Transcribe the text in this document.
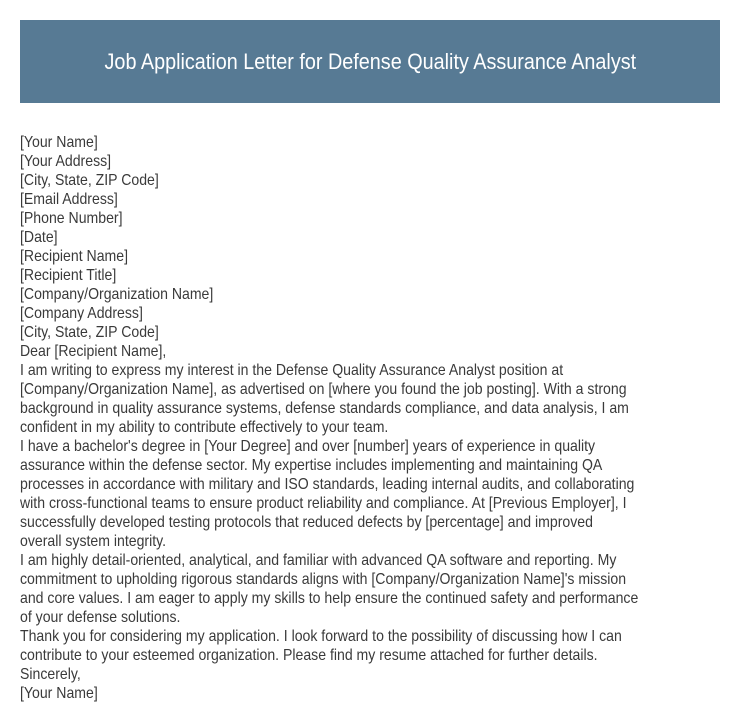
Job Application Letter for Defense Quality Assurance Analyst
[Your Name]
[Your Address]
[City, State, ZIP Code]
[Email Address]
[Phone Number]
[Date]
[Recipient Name]
[Recipient Title]
[Company/Organization Name]
[Company Address]
[City, State, ZIP Code]
Dear [Recipient Name],
I am writing to express my interest in the Defense Quality Assurance Analyst position at
[Company/Organization Name], as advertised on [where you found the job posting]. With a strong
background in quality assurance systems, defense standards compliance, and data analysis, I am
confident in my ability to contribute effectively to your team.
I have a bachelor's degree in [Your Degree] and over [number] years of experience in quality
assurance within the defense sector. My expertise includes implementing and maintaining QA
processes in accordance with military and ISO standards, leading internal audits, and collaborating
with cross-functional teams to ensure product reliability and compliance. At [Previous Employer], I
successfully developed testing protocols that reduced defects by [percentage] and improved
overall system integrity.
I am highly detail-oriented, analytical, and familiar with advanced QA software and reporting. My
commitment to upholding rigorous standards aligns with [Company/Organization Name]'s mission
and core values. I am eager to apply my skills to help ensure the continued safety and performance
of your defense solutions.
Thank you for considering my application. I look forward to the possibility of discussing how I can
contribute to your esteemed organization. Please find my resume attached for further details.
Sincerely,
[Your Name]
